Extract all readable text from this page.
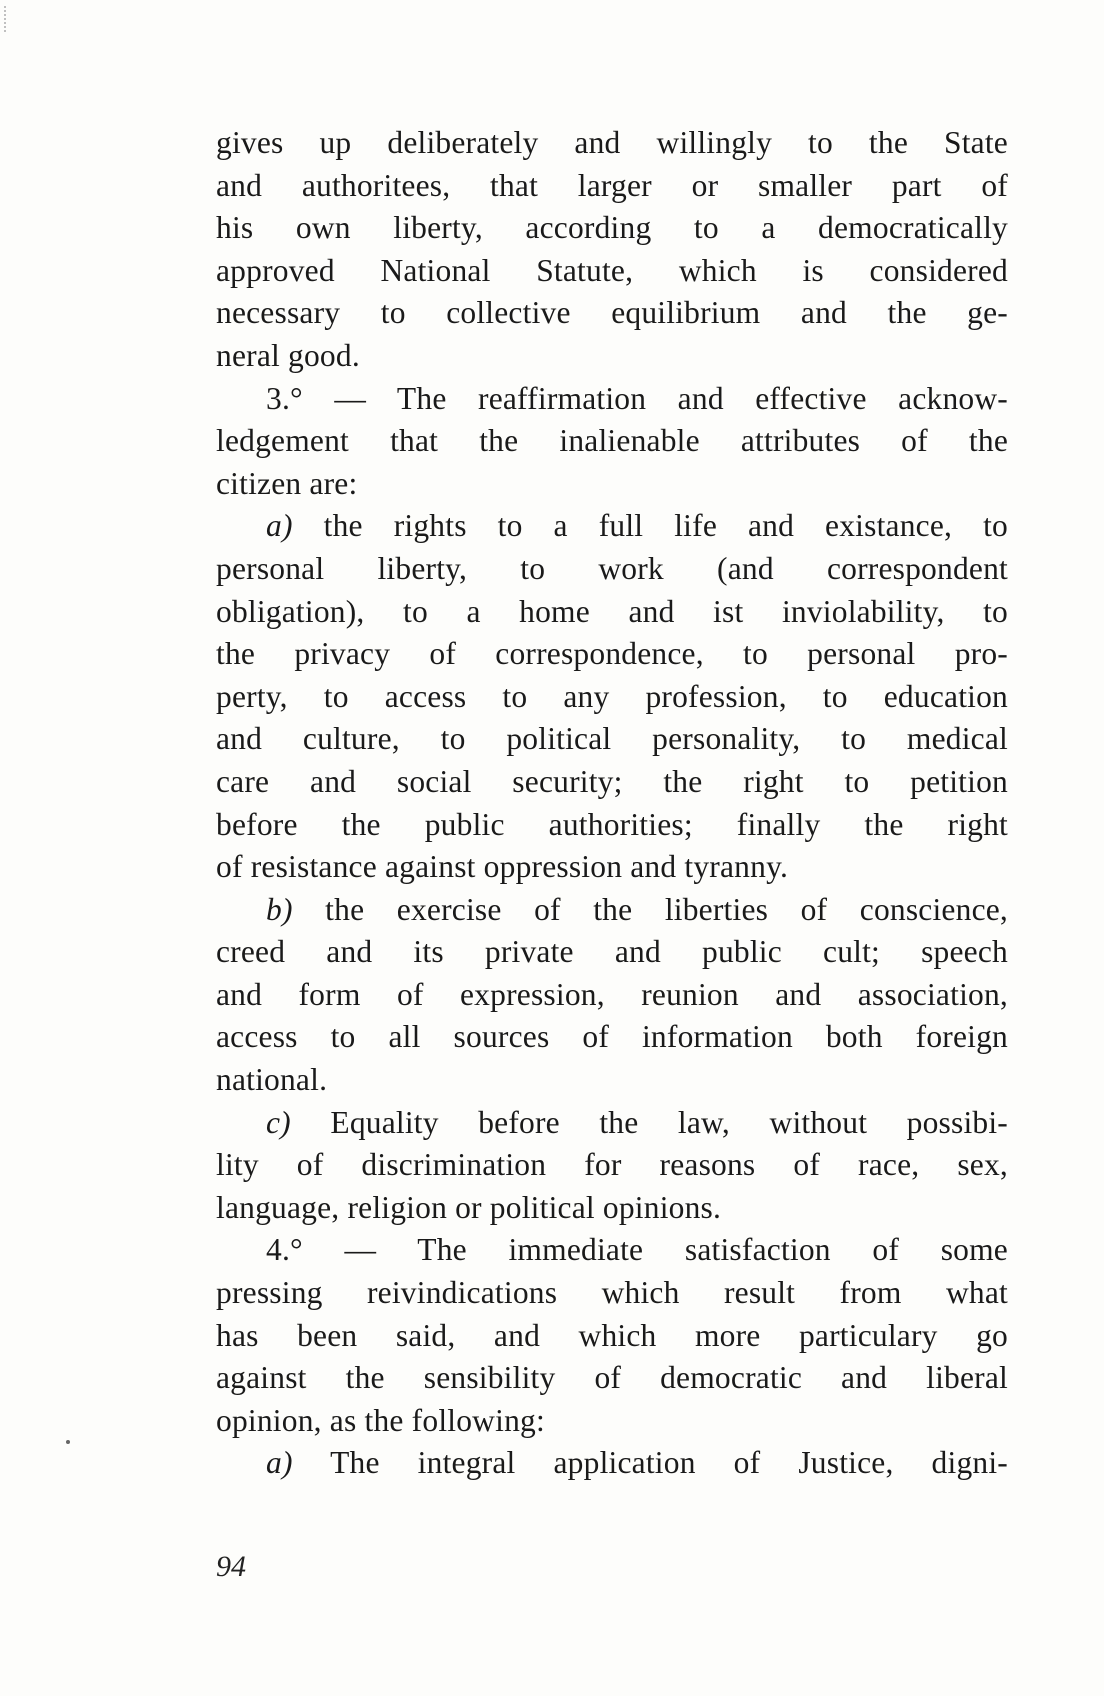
gives up deliberately and willingly to the State
and authoritees, that larger or smaller part of
his own liberty, according to a democratically
approved National Statute, which is considered
necessary to collective equilibrium and the ge-
neral good.
3.° — The reaffirmation and effective acknow-
ledgement that the inalienable attributes of the
citizen are:
a) the rights to a full life and existance, to
personal liberty, to work (and correspondent
obligation), to a home and ist inviolability, to
the privacy of correspondence, to personal pro-
perty, to access to any profession, to education
and culture, to political personality, to medical
care and social security; the right to petition
before the public authorities; finally the right
of resistance against oppression and tyranny.
b) the exercise of the liberties of conscience,
creed and its private and public cult; speech
and form of expression, reunion and association,
access to all sources of information both foreign
national.
c) Equality before the law, without possibi-
lity of discrimination for reasons of race, sex,
language, religion or political opinions.
4.° — The immediate satisfaction of some
pressing reivindications which result from what
has been said, and which more particulary go
against the sensibility of democratic and liberal
opinion, as the following:
a) The integral application of Justice, digni-
94
